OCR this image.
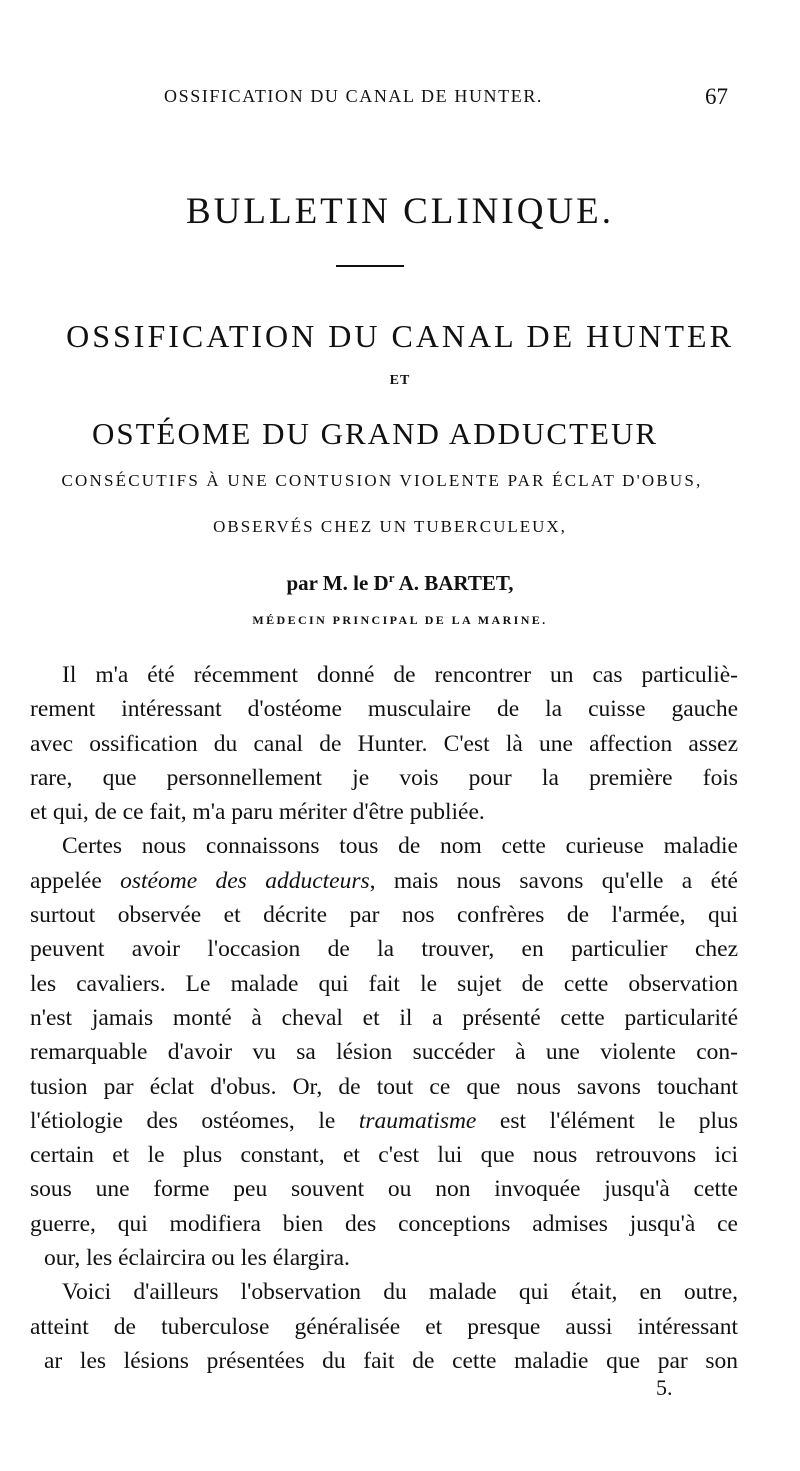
OSSIFICATION DU CANAL DE HUNTER.	67
BULLETIN CLINIQUE.
OSSIFICATION DU CANAL DE HUNTER
ET
OSTÉOME DU GRAND ADDUCTEUR
CONSÉCUTIFS À UNE CONTUSION VIOLENTE PAR ÉCLAT D'OBUS,
OBSERVÉS CHEZ UN TUBERCULEUX,
par M. le $D^r$ A. BARTET,
MÉDECIN PRINCIPAL DE LA MARINE.
Il m'a été récemment donné de rencontrer un cas particuliè-
rement intéressant d'ostéome musculaire de la cuisse gauche
avec ossification du canal de Hunter. C'est là une affection assez
rare, que personnellement je vois pour la première fois
et qui, de ce fait, m'a paru mériter d'être publiée.
Certes nous connaissons tous de nom cette curieuse maladie
appelée ostéome des adducteurs, mais nous savons qu'elle a été
surtout observée et décrite par nos confrères de l'armée, qui
peuvent avoir l'occasion de la trouver, en particulier chez
les cavaliers. Le malade qui fait le sujet de cette observation
n'est jamais monté à cheval et il a présenté cette particularité
remarquable d'avoir vu sa lésion succéder à une violente con-
tusion par éclat d'obus. Or, de tout ce que nous savons touchant
l'étiologie des ostéomes, le traumatisme est l'élément le plus
certain et le plus constant, et c'est lui que nous retrouvons ici
sous une forme peu souvent ou non invoquée jusqu'à cette
guerre, qui modifiera bien des conceptions admises jusqu'à ce
our, les éclaircira ou les élargira.
Voici d'ailleurs l'observation du malade qui était, en outre,
atteint de tuberculose généralisée et presque aussi intéressant
ar les lésions présentées du fait de cette maladie que par son
5.
